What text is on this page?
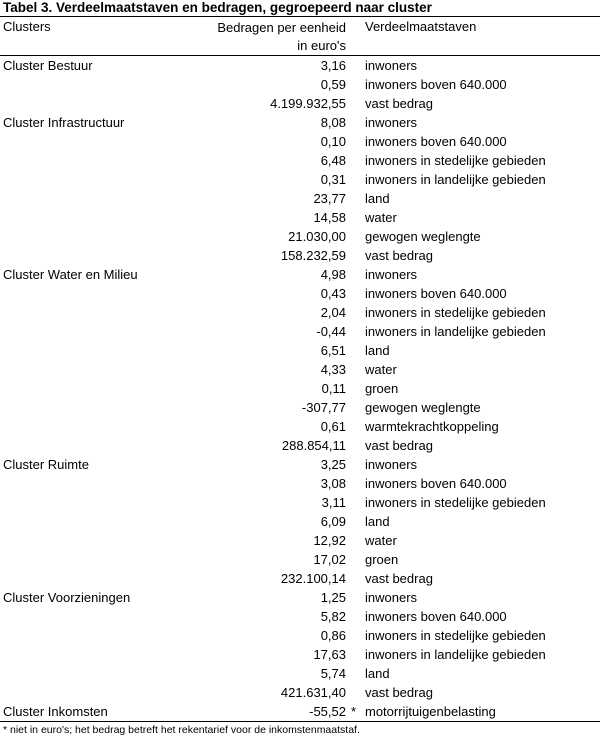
Tabel 3. Verdeelmaatstaven en bedragen, gegroepeerd naar cluster
Clusters	Bedragen per eenheid
in euro's
Verdeelmaatstaven
Cluster Bestuur	3,16 inwoners
0,59 inwoners boven 640.000
4.199.932,55 vast bedrag
Cluster Infrastructuur	8,08 inwoners
0,10 inwoners boven 640.000
6,48 inwoners in stedelijke gebieden
0,31 inwoners in landelijke gebieden
23,77 land
14,58 water
21.030,00 gewogen weglengte
158.232,59 vast bedrag
Cluster Water en Milieu	4,98 inwoners
0,43 inwoners boven 640.000
2,04 inwoners in stedelijke gebieden
-0,44 inwoners in landelijke gebieden
6,51 land
4,33 water
0,11 groen
-307,77 gewogen weglengte
0,61 warmtekrachtkoppeling
288.854,11 vast bedrag
Cluster Ruimte	3,25 inwoners
3,08 inwoners boven 640.000
3,11 inwoners in stedelijke gebieden
6,09 land
12,92 water
17,02 groen
232.100,14 vast bedrag
Cluster Voorzieningen	1,25 inwoners
5,82 inwoners boven 640.000
0,86 inwoners in stedelijke gebieden
17,63 inwoners in landelijke gebieden
5,74 land
421.631,40 vast bedrag
Cluster Inkomsten	-55,52 * motorrijtuigenbelasting
* niet in euro's; het bedrag betreft het rekentarief voor de inkomstenmaatstaf.
